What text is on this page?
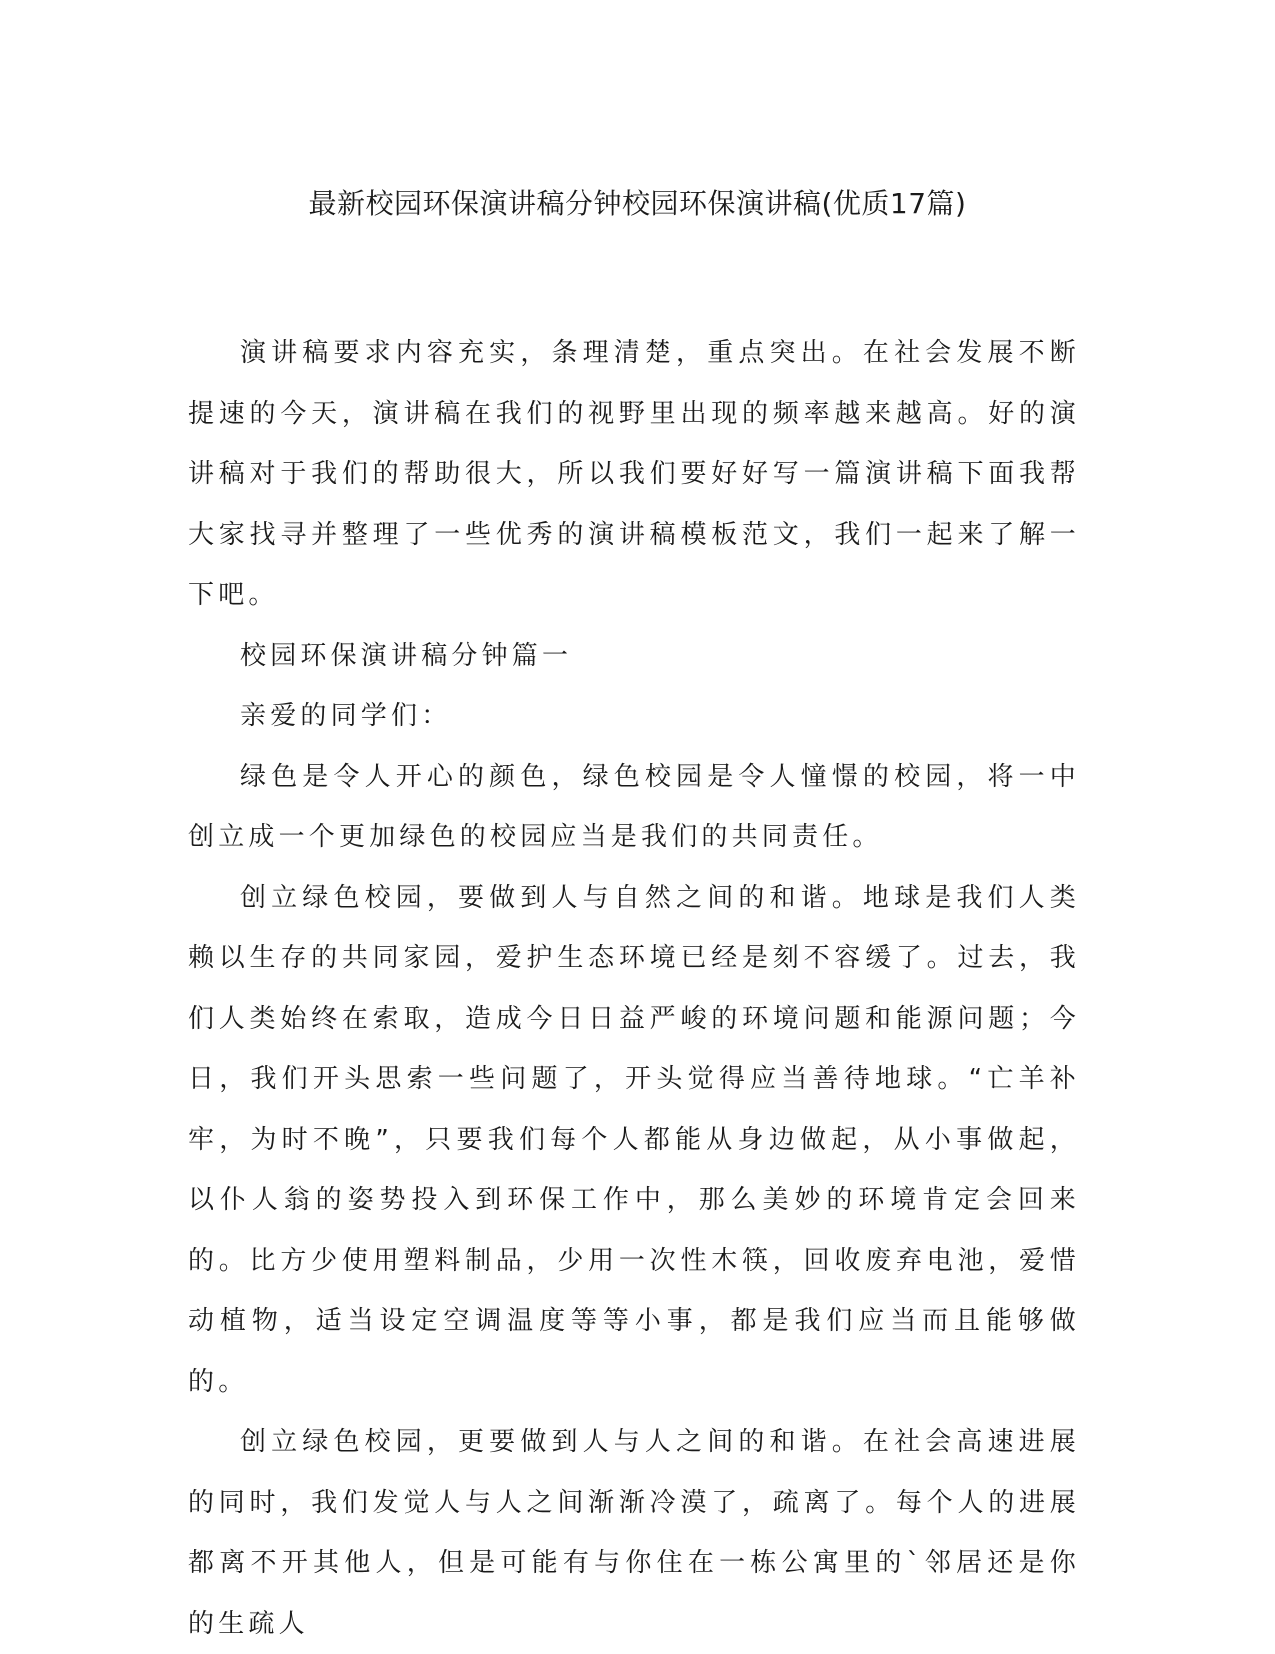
最新校园环保演讲稿分钟校园环保演讲稿(优质17篇)

演讲稿要求内容充实，条理清楚，重点突出。在社会发展不断提速的今天，演讲稿在我们的视野里出现的频率越来越高。好的演讲稿对于我们的帮助很大，所以我们要好好写一篇演讲稿下面我帮大家找寻并整理了一些优秀的演讲稿模板范文，我们一起来了解一下吧。

校园环保演讲稿分钟篇一

亲爱的同学们：

绿色是令人开心的颜色，绿色校园是令人憧憬的校园，将一中创立成一个更加绿色的校园应当是我们的共同责任。

创立绿色校园，要做到人与自然之间的和谐。地球是我们人类赖以生存的共同家园，爱护生态环境已经是刻不容缓了。过去，我们人类始终在索取，造成今日日益严峻的环境问题和能源问题；今日，我们开头思索一些问题了，开头觉得应当善待地球。“亡羊补牢，为时不晚”，只要我们每个人都能从身边做起，从小事做起，以仆人翁的姿势投入到环保工作中，那么美妙的环境肯定会回来的。比方少使用塑料制品，少用一次性木筷，回收废弃电池，爱惜动植物，适当设定空调温度等等小事，都是我们应当而且能够做的。

创立绿色校园，更要做到人与人之间的和谐。在社会高速进展的同时，我们发觉人与人之间渐渐冷漠了，疏离了。每个人的进展都离不开其他人，但是可能有与你住在一栋公寓里的`邻居还是你的生疏人
